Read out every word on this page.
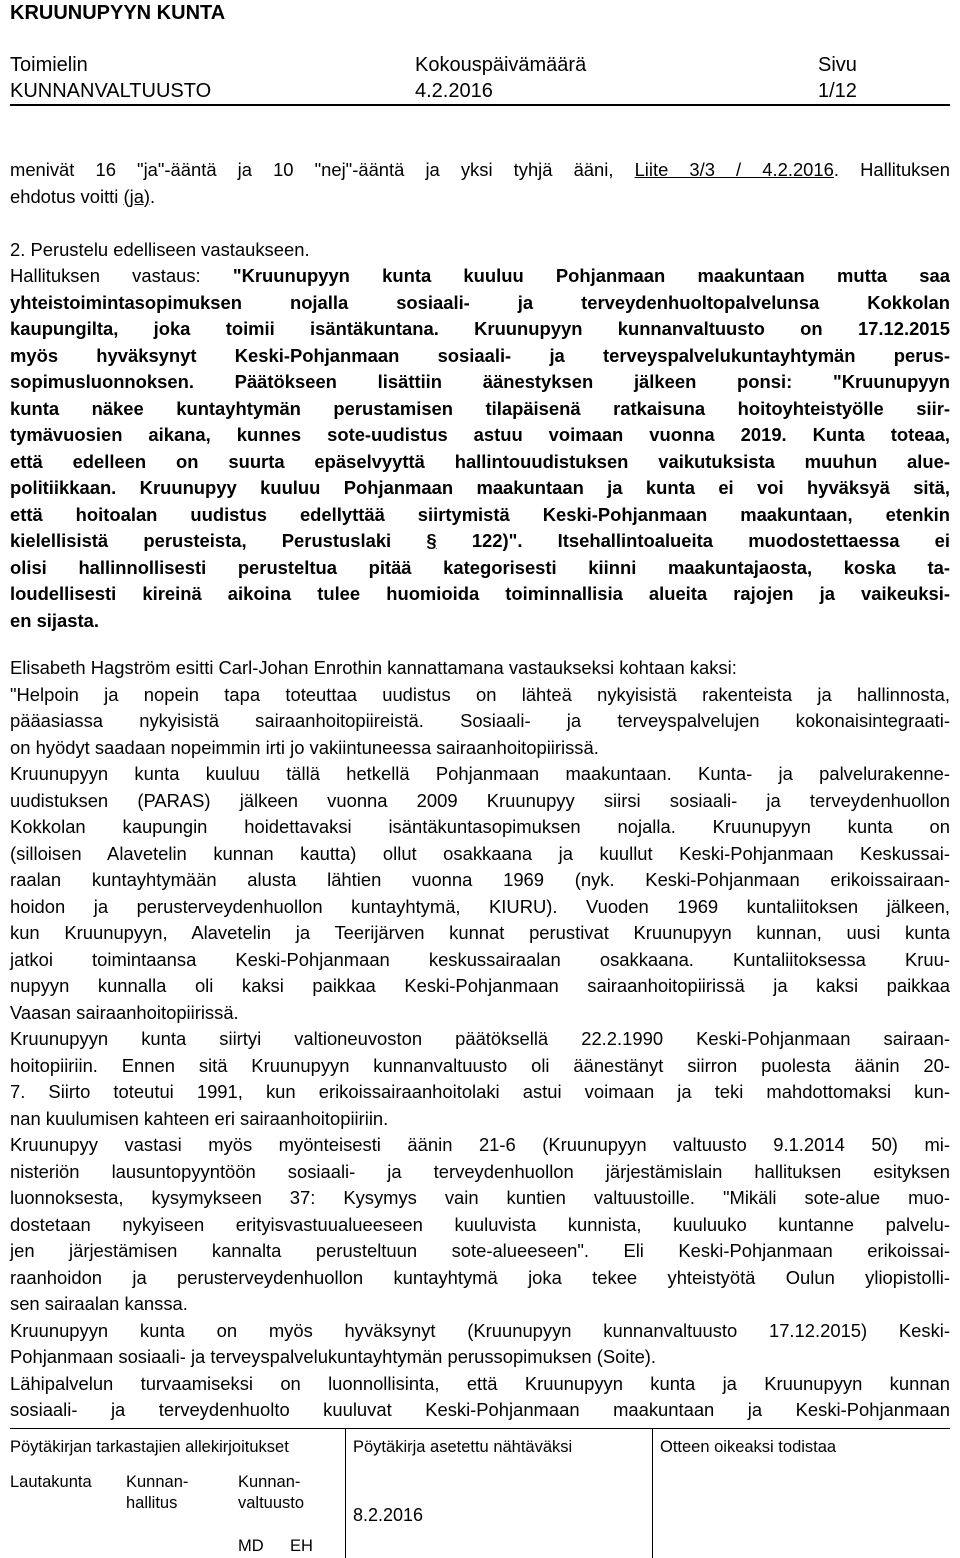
KRUUNUPYYN KUNTA
Toimielin
KUNNANVALTUUSTO
Kokouspäivämäärä
4.2.2016
Sivu
1/12
menivät 16 "ja"-ääntä ja 10 "nej"-ääntä ja yksi tyhjä ääni, Liite 3/3 / 4.2.2016. Hallituksen
ehdotus voitti (ja).
2. Perustelu edelliseen vastaukseen.
Hallituksen vastaus: "Kruunupyyn kunta kuuluu Pohjanmaan maakuntaan mutta saa
yhteistoimintasopimuksen nojalla sosiaali- ja terveydenhuoltopalvelunsa Kokkolan
kaupungilta, joka toimii isäntäkuntana. Kruunupyyn kunnanvaltuusto on 17.12.2015
myös hyväksynyt Keski-Pohjanmaan sosiaali- ja terveyspalvelukuntayhtymän perus-
sopimusluonnoksen. Päätökseen lisättiin äänestyksen jälkeen ponsi: "Kruunupyyn
kunta näkee kuntayhtymän perustamisen tilapäisenä ratkaisuna hoitoyhteistyölle siir-
tymävuosien aikana, kunnes sote-uudistus astuu voimaan vuonna 2019. Kunta toteaa,
että edelleen on suurta epäselvyyttä hallintouudistuksen vaikutuksista muuhun alue-
politiikkaan. Kruunupyy kuuluu Pohjanmaan maakuntaan ja kunta ei voi hyväksyä sitä,
että hoitoalan uudistus edellyttää siirtymistä Keski-Pohjanmaan maakuntaan, etenkin
kielellisistä perusteista, Perustuslaki § 122)". Itsehallintoalueita muodostettaessa ei
olisi hallinnollisesti perusteltua pitää kategorisesti kiinni maakuntajaosta, koska ta-
loudellisesti kireinä aikoina tulee huomioida toiminnallisia alueita rajojen ja vaikeuksi-
en sijasta.
Elisabeth Hagström esitti Carl-Johan Enrothin kannattamana vastaukseksi kohtaan kaksi:
"Helpoin ja nopein tapa toteuttaa uudistus on lähteä nykyisistä rakenteista ja hallinnosta,
pääasiassa nykyisistä sairaanhoitopiireistä. Sosiaali- ja terveyspalvelujen kokonaisintegraati-
on hyödyt saadaan nopeimmin irti jo vakiintuneessa sairaanhoitopiirissä.
Kruunupyyn kunta kuuluu tällä hetkellä Pohjanmaan maakuntaan. Kunta- ja palvelurakenne-
uudistuksen (PARAS) jälkeen vuonna 2009 Kruunupyy siirsi sosiaali- ja terveydenhuollon
Kokkolan kaupungin hoidettavaksi isäntäkuntasopimuksen nojalla. Kruunupyyn kunta on
(silloisen Alavetelin kunnan kautta) ollut osakkaana ja kuullut Keski-Pohjanmaan Keskussai-
raalan kuntayhtymään alusta lähtien vuonna 1969 (nyk. Keski-Pohjanmaan erikoissairaan-
hoidon ja perusterveydenhuollon kuntayhtymä, KIURU). Vuoden 1969 kuntaliitoksen jälkeen,
kun Kruunupyyn, Alavetelin ja Teerijärven kunnat perustivat Kruunupyyn kunnan, uusi kunta
jatkoi toimintaansa Keski-Pohjanmaan keskussairaalan osakkaana. Kuntaliitoksessa Kruu-
nupyyn kunnalla oli kaksi paikkaa Keski-Pohjanmaan sairaanhoitopiirissä ja kaksi paikkaa
Vaasan sairaanhoitopiirissä.
Kruunupyyn kunta siirtyi valtioneuvoston päätöksellä 22.2.1990 Keski-Pohjanmaan sairaan-
hoitopiiriin. Ennen sitä Kruunupyyn kunnanvaltuusto oli äänestänyt siirron puolesta äänin 20-
7. Siirto toteutui 1991, kun erikoissairaanhoitolaki astui voimaan ja teki mahdottomaksi kun-
nan kuulumisen kahteen eri sairaanhoitopiiriin.
Kruunupyy vastasi myös myönteisesti äänin 21-6 (Kruunupyyn valtuusto 9.1.2014 50) mi-
nisteriön lausuntopyyntöön sosiaali- ja terveydenhuollon järjestämislain hallituksen esityksen
luonnoksesta, kysymykseen 37: Kysymys vain kuntien valtuustoille. "Mikäli sote-alue muo-
dostetaan nykyiseen erityisvastuualueeseen kuuluvista kunnista, kuuluuko kuntanne palvelu-
jen järjestämisen kannalta perusteltuun sote-alueeseen". Eli Keski-Pohjanmaan erikoissai-
raanhoidon ja perusterveydenhuollon kuntayhtymä joka tekee yhteistyötä Oulun yliopistolli-
sen sairaalan kanssa.
Kruunupyyn kunta on myös hyväksynyt (Kruunupyyn kunnanvaltuusto 17.12.2015) Keski-
Pohjanmaan sosiaali- ja terveyspalvelukuntayhtymän perussopimuksen (Soite).
Lähipalvelun turvaamiseksi on luonnollisinta, että Kruunupyyn kunta ja Kruunupyyn kunnan
sosiaali- ja terveydenhuolto kuuluvat Keski-Pohjanmaan maakuntaan ja Keski-Pohjanmaan
Pöytäkirjan tarkastajien allekirjoitukset	Pöytäkirja asetettu nähtäväksi	Otteen oikeaksi todistaa
Lautakunta Kunnan-
hallitus
Kunnan-
valtuusto
MD EH
8.2.2016
